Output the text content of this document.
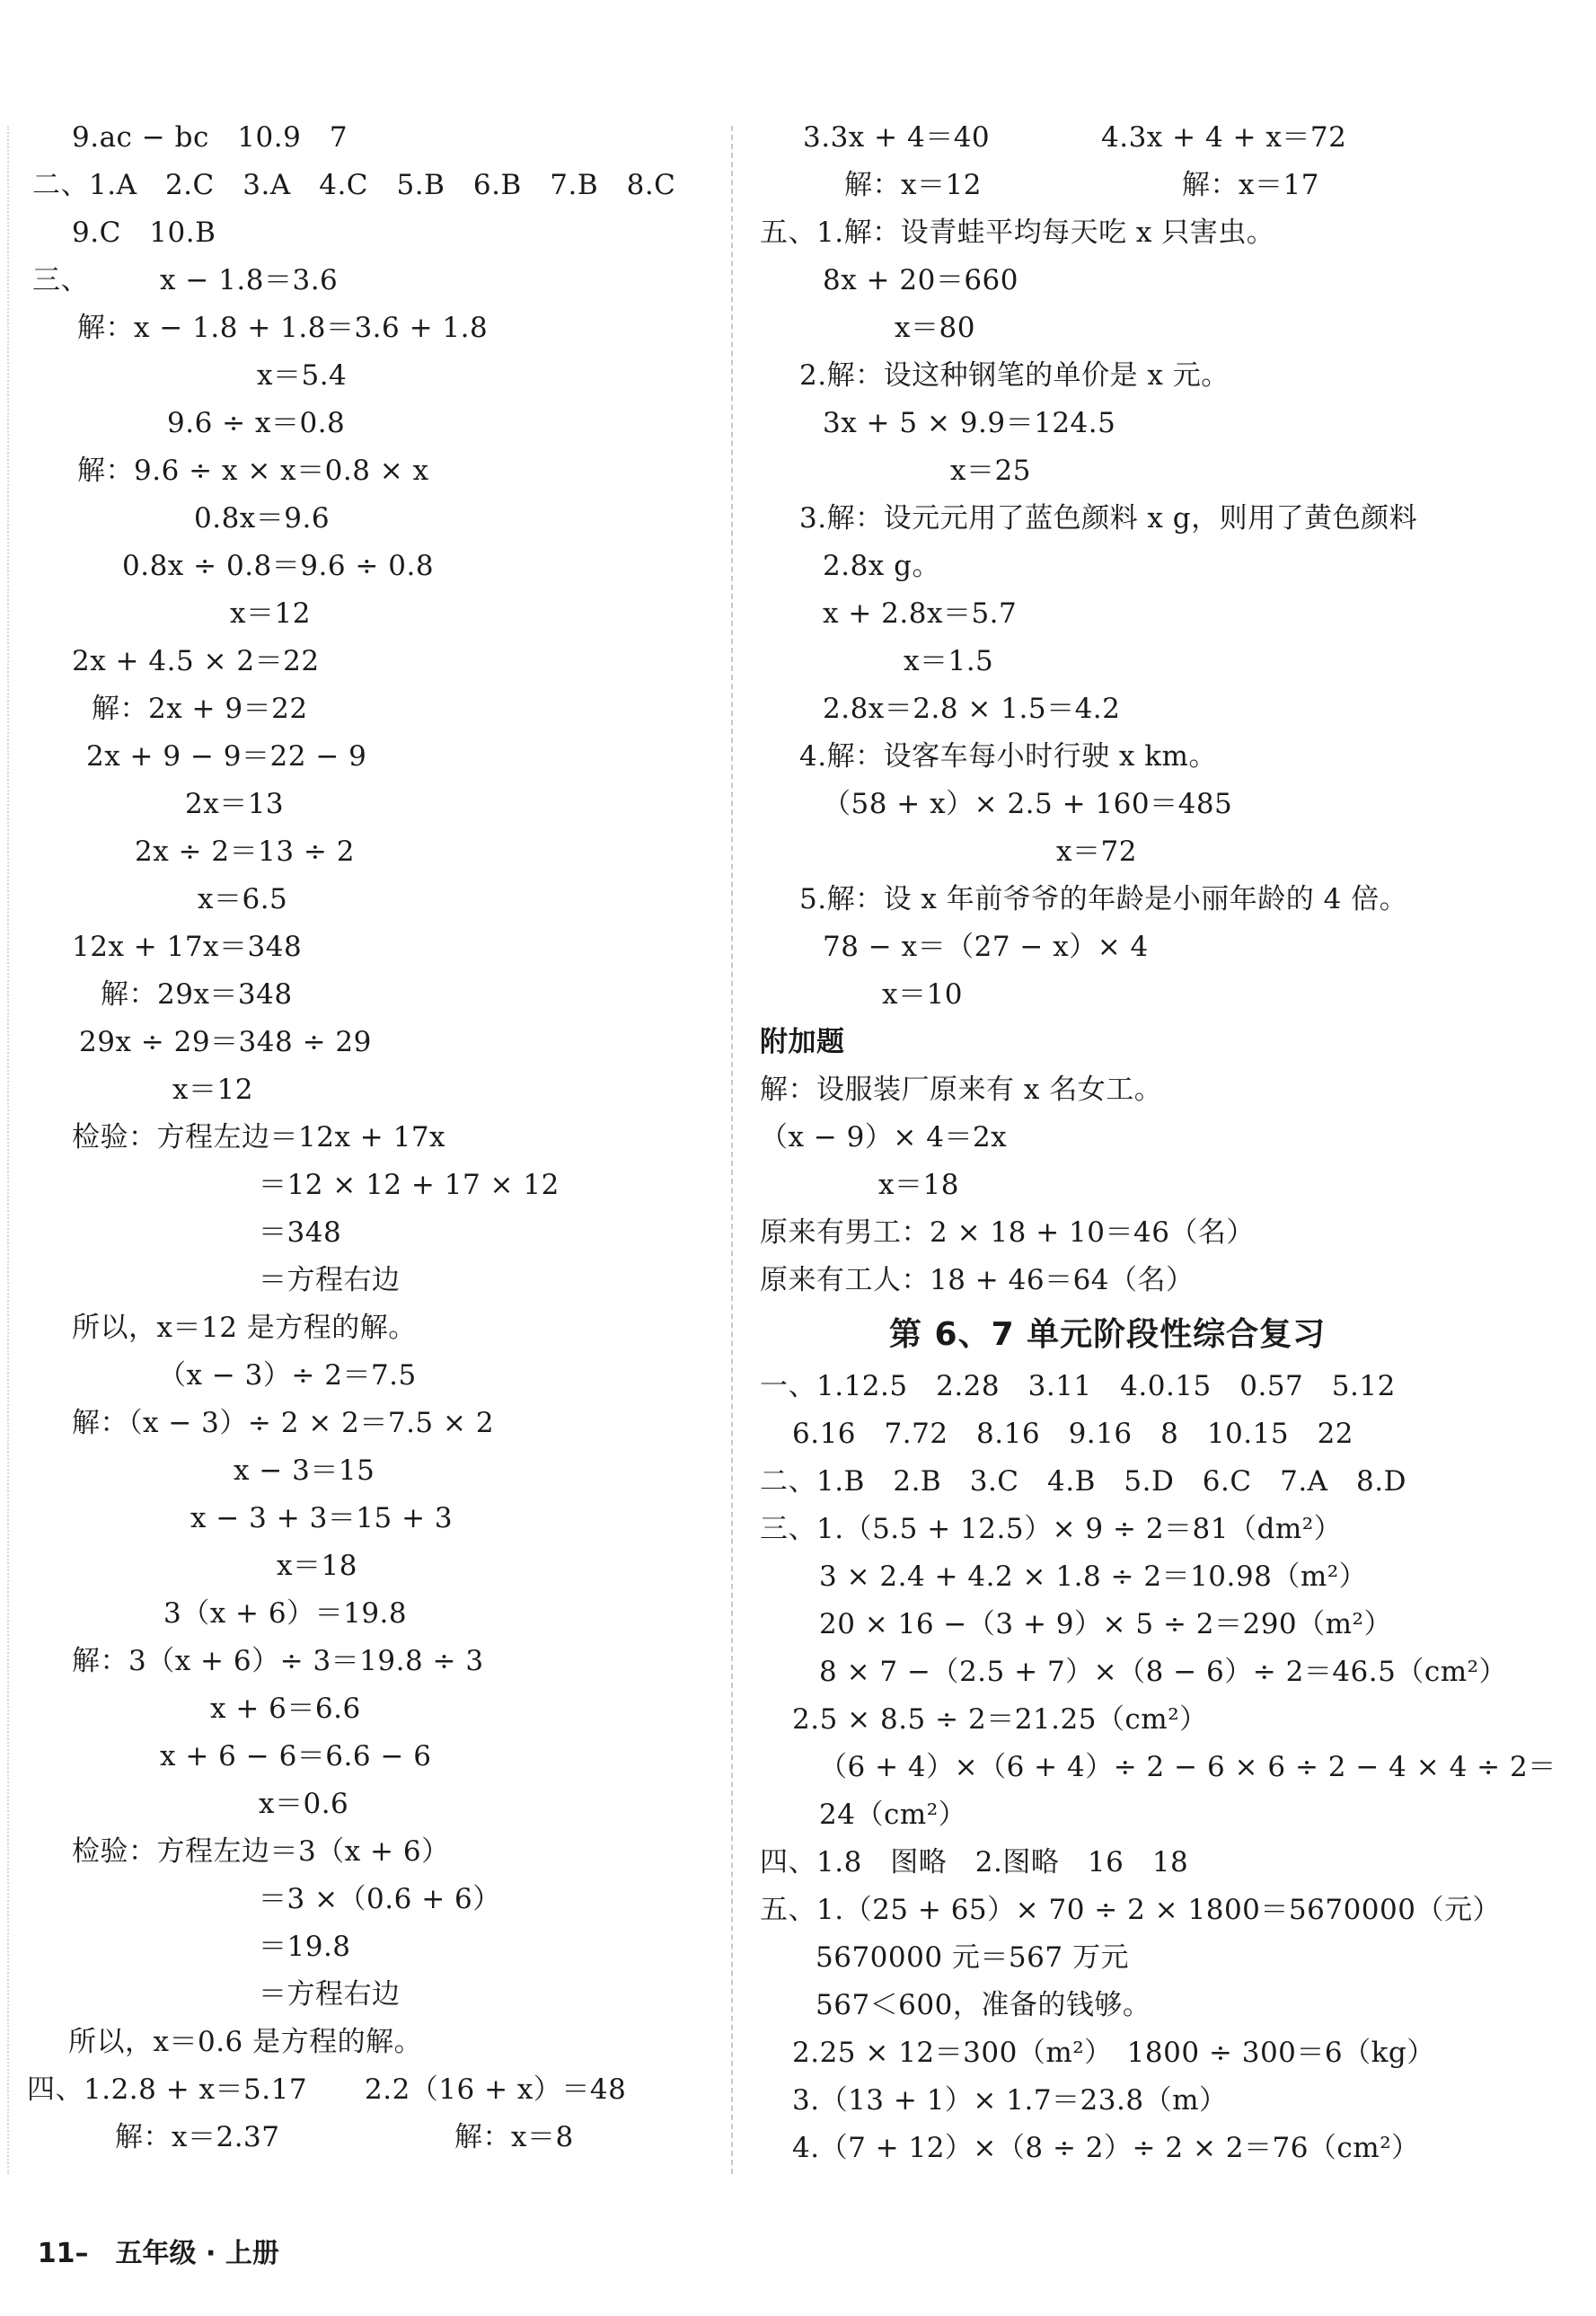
9.ac − bc　10.9　7
二、1.A　2.C　3.A　4.C　5.B　6.B　7.B　8.C
9.C　10.B
三、　　　x − 1.8＝3.6
解：x − 1.8 + 1.8＝3.6 + 1.8
x＝5.4
9.6 ÷ x＝0.8
解：9.6 ÷ x × x＝0.8 × x
0.8x＝9.6
0.8x ÷ 0.8＝9.6 ÷ 0.8
x＝12
2x + 4.5 × 2＝22
解：2x + 9＝22
2x + 9 − 9＝22 − 9
2x＝13
2x ÷ 2＝13 ÷ 2
x＝6.5
12x + 17x＝348
解：29x＝348
29x ÷ 29＝348 ÷ 29
x＝12
检验：方程左边＝12x + 17x
＝12 × 12 + 17 × 12
＝348
＝方程右边
所以，x＝12 是方程的解。
（x − 3）÷ 2＝7.5
解：（x − 3）÷ 2 × 2＝7.5 × 2
x − 3＝15
x − 3 + 3＝15 + 3
x＝18
3（x + 6）＝19.8
解：3（x + 6）÷ 3＝19.8 ÷ 3
x + 6＝6.6
x + 6 − 6＝6.6 − 6
x＝0.6
检验：方程左边＝3（x + 6）
＝3 ×（0.6 + 6）
＝19.8
＝方程右边
所以，x＝0.6 是方程的解。
四、1.2.8 + x＝5.17 2.2（16 + x）＝48
解：x＝2.37	解：x＝8
3.3x + 4＝40	4.3x + 4 + x＝72
解：x＝12	解：x＝17
五、1.解：设青蛙平均每天吃 x 只害虫。
8x + 20＝660
x＝80
2.解：设这种钢笔的单价是 x 元。
3x + 5 × 9.9＝124.5
x＝25
3.解：设元元用了蓝色颜料 x g，则用了黄色颜料
2.8x g。
x + 2.8x＝5.7
x＝1.5
2.8x＝2.8 × 1.5＝4.2
4.解：设客车每小时行驶 x km。
（58 + x）× 2.5 + 160＝485
x＝72
5.解：设 x 年前爷爷的年龄是小丽年龄的 4 倍。
78 − x＝（27 − x）× 4
x＝10
附加题
解：设服装厂原来有 x 名女工。
（x − 9）× 4＝2x
x＝18
原来有男工：2 × 18 + 10＝46（名）
原来有工人：18 + 46＝64（名）
第 6、7 单元阶段性综合复习
一、1.12.5　2.28　3.11　4.0.15　0.57　5.12
6.16　7.72　8.16　9.16　8　10.15　22
二、1.B　2.B　3.C　4.B　5.D　6.C　7.A　8.D
三、1.（5.5 + 12.5）× 9 ÷ 2＝81（dm²）
3 × 2.4 + 4.2 × 1.8 ÷ 2＝10.98（m²）
20 × 16 −（3 + 9）× 5 ÷ 2＝290（m²）
8 × 7 −（2.5 + 7）×（8 − 6）÷ 2＝46.5（cm²）
2.5 × 8.5 ÷ 2＝21.25（cm²）
（6 + 4）×（6 + 4）÷ 2 − 6 × 6 ÷ 2 − 4 × 4 ÷ 2＝
24（cm²）
四、1.8　图略　2.图略　16　18
五、1.（25 + 65）× 70 ÷ 2 × 1800＝5670000（元）
5670000 元＝567 万元
567＜600，准备的钱够。
2.25 × 12＝300（m²）　1800 ÷ 300＝6（kg）
3.（13 + 1）× 1.7＝23.8（m）
4.（7 + 12）×（8 ÷ 2）÷ 2 × 2＝76（cm²）

11– 五年级 · 上册
